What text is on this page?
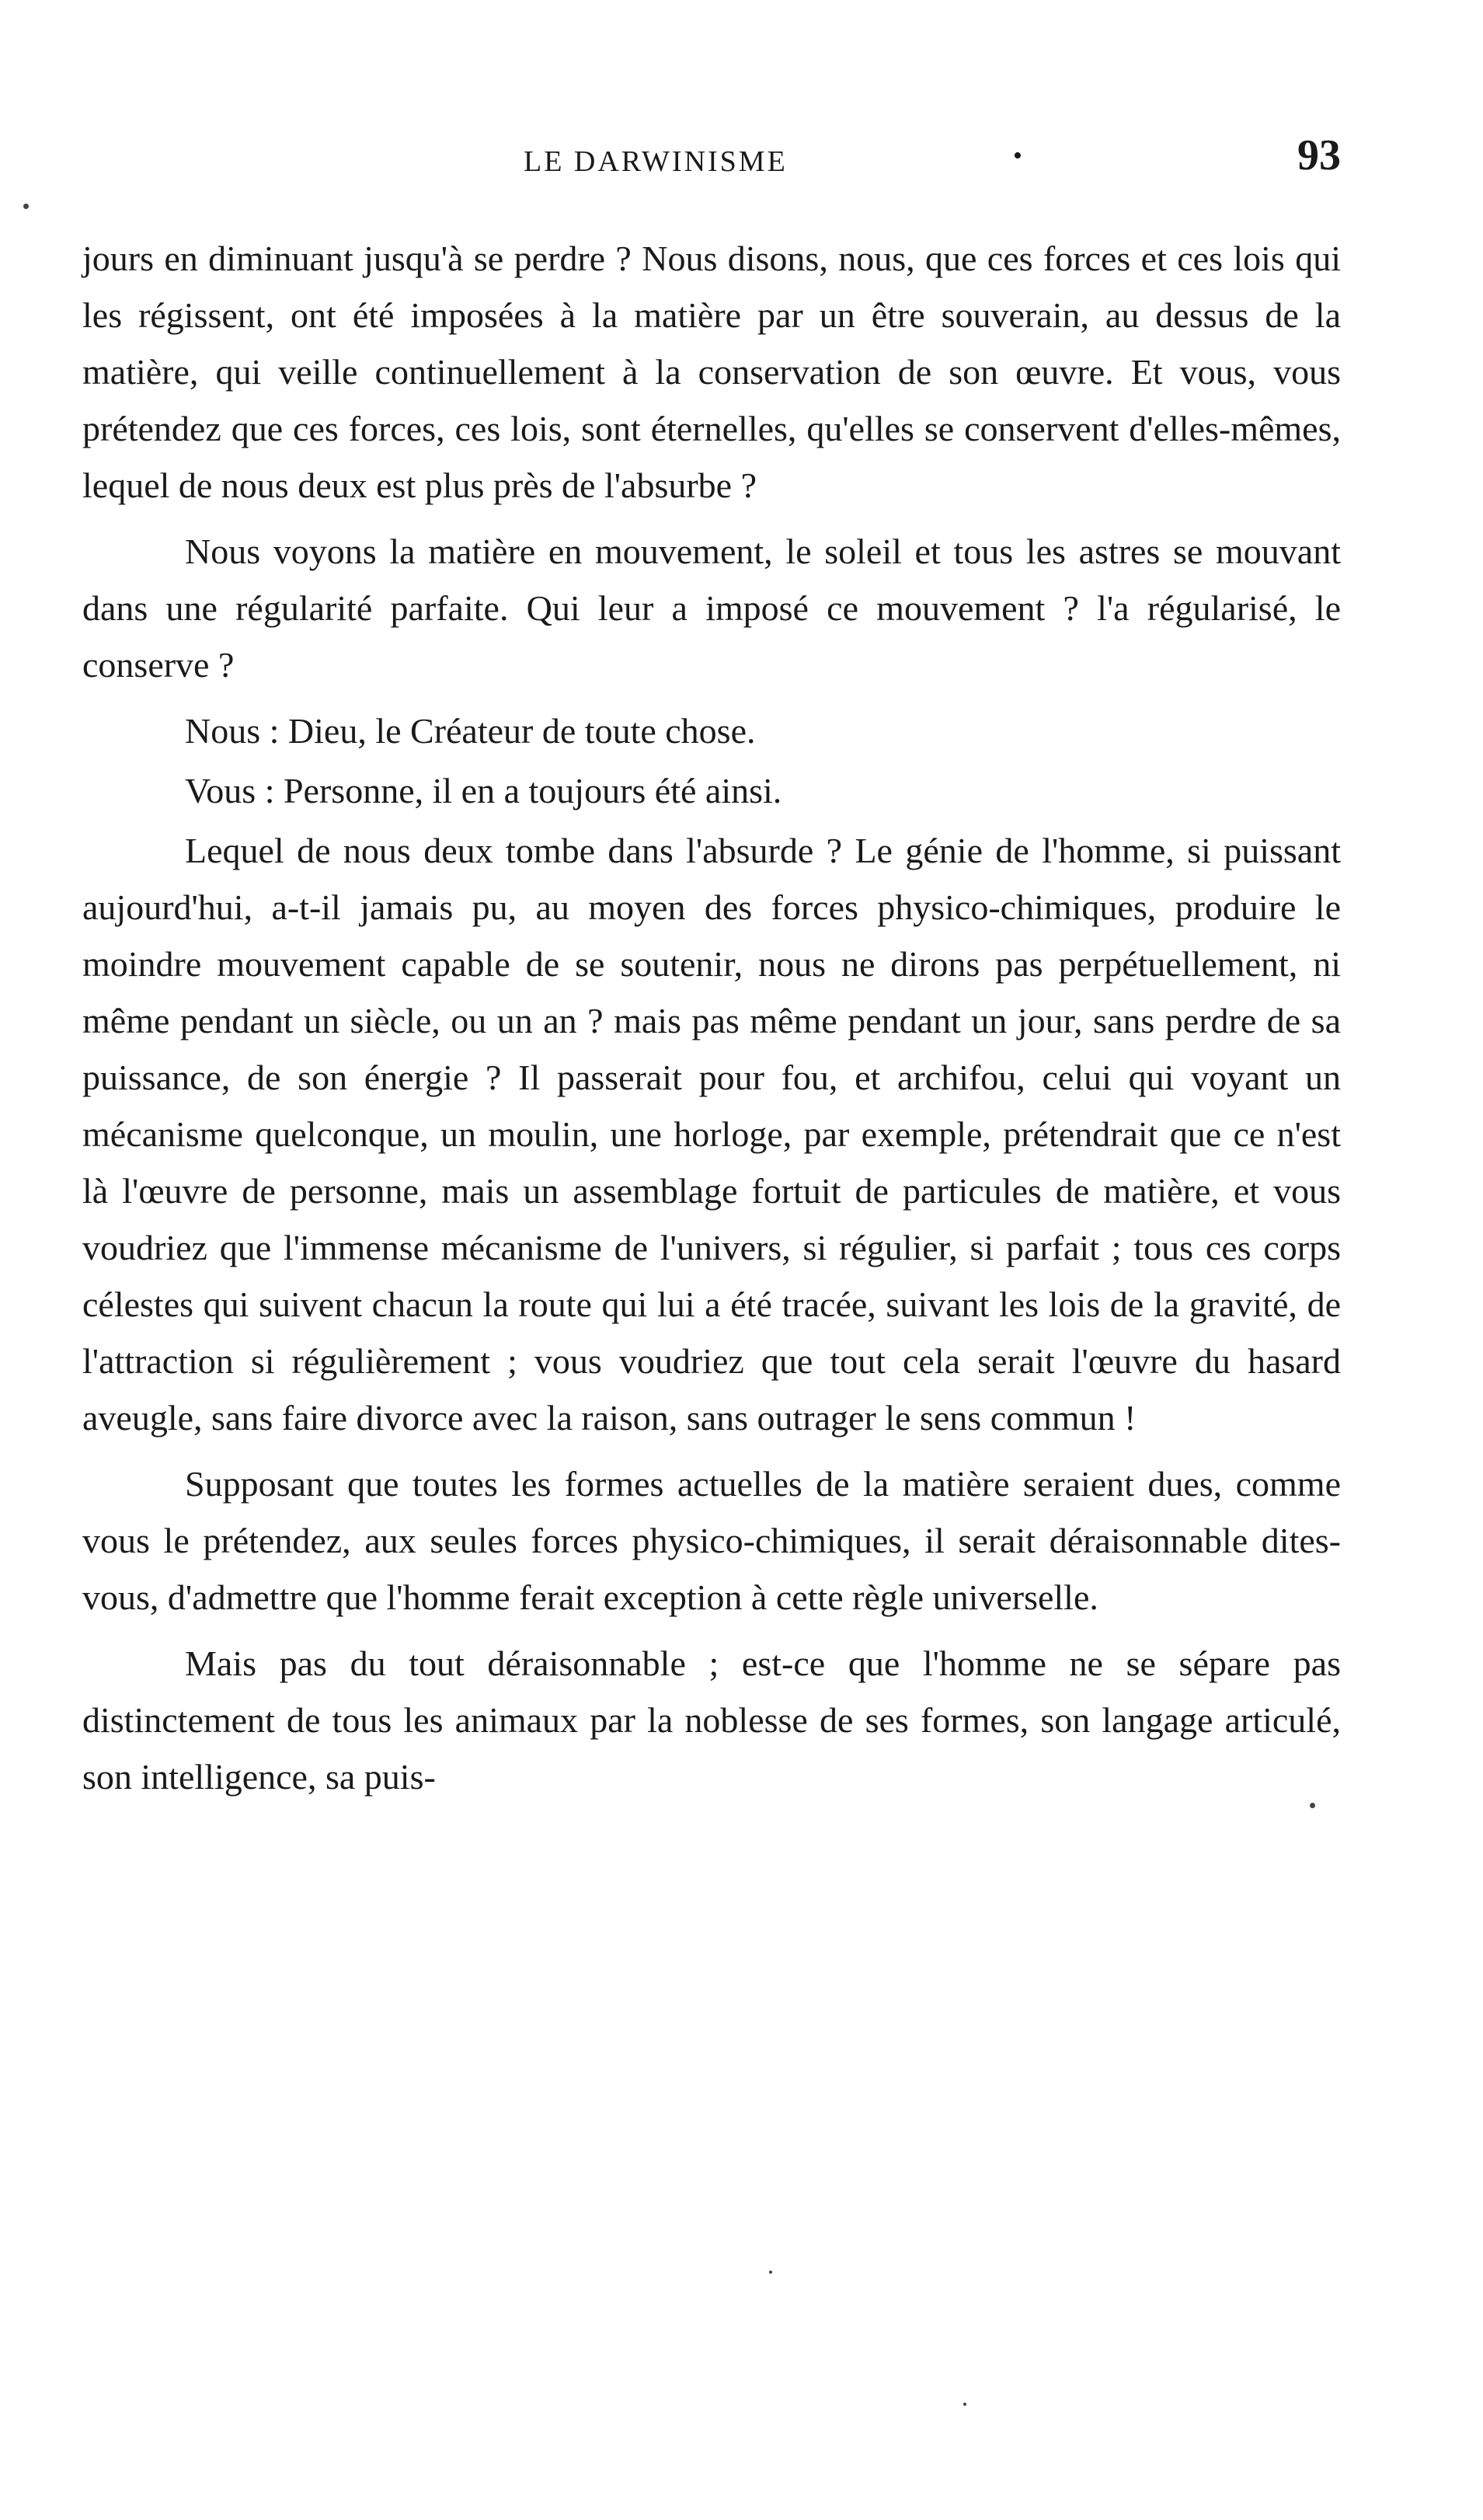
LE DARWINISME	•	93

jours en diminuant jusqu'à se perdre ? Nous disons, nous, que ces forces et ces lois qui les régissent, ont été imposées à la matière par un être souverain, au dessus de la matière, qui veille continuellement à la conservation de son œuvre. Et vous, vous prétendez que ces forces, ces lois, sont éternelles, qu'elles se conservent d'elles-mêmes, lequel de nous deux est plus près de l'absurbe ?

Nous voyons la matière en mouvement, le soleil et tous les astres se mouvant dans une régularité parfaite. Qui leur a imposé ce mouvement ? l'a régularisé, le conserve ?

Nous : Dieu, le Créateur de toute chose.

Vous : Personne, il en a toujours été ainsi.

Lequel de nous deux tombe dans l'absurde ? Le génie de l'homme, si puissant aujourd'hui, a-t-il jamais pu, au moyen des forces physico-chimiques, produire le moindre mouvement capable de se soutenir, nous ne dirons pas perpétuellement, ni même pendant un siècle, ou un an ? mais pas même pendant un jour, sans perdre de sa puissance, de son énergie ? Il passerait pour fou, et archifou, celui qui voyant un mécanisme quelconque, un moulin, une horloge, par exemple, prétendrait que ce n'est là l'œuvre de personne, mais un assemblage fortuit de particules de matière, et vous voudriez que l'immense mécanisme de l'univers, si régulier, si parfait ; tous ces corps célestes qui suivent chacun la route qui lui a été tracée, suivant les lois de la gravité, de l'attraction si régulièrement ; vous voudriez que tout cela serait l'œuvre du hasard aveugle, sans faire divorce avec la raison, sans outrager le sens commun !

Supposant que toutes les formes actuelles de la matière seraient dues, comme vous le prétendez, aux seules forces physico-chimiques, il serait déraisonnable dites-vous, d'admettre que l'homme ferait exception à cette règle universelle.

Mais pas du tout déraisonnable ; est-ce que l'homme ne se sépare pas distinctement de tous les animaux par la noblesse de ses formes, son langage articulé, son intelligence, sa puis-
